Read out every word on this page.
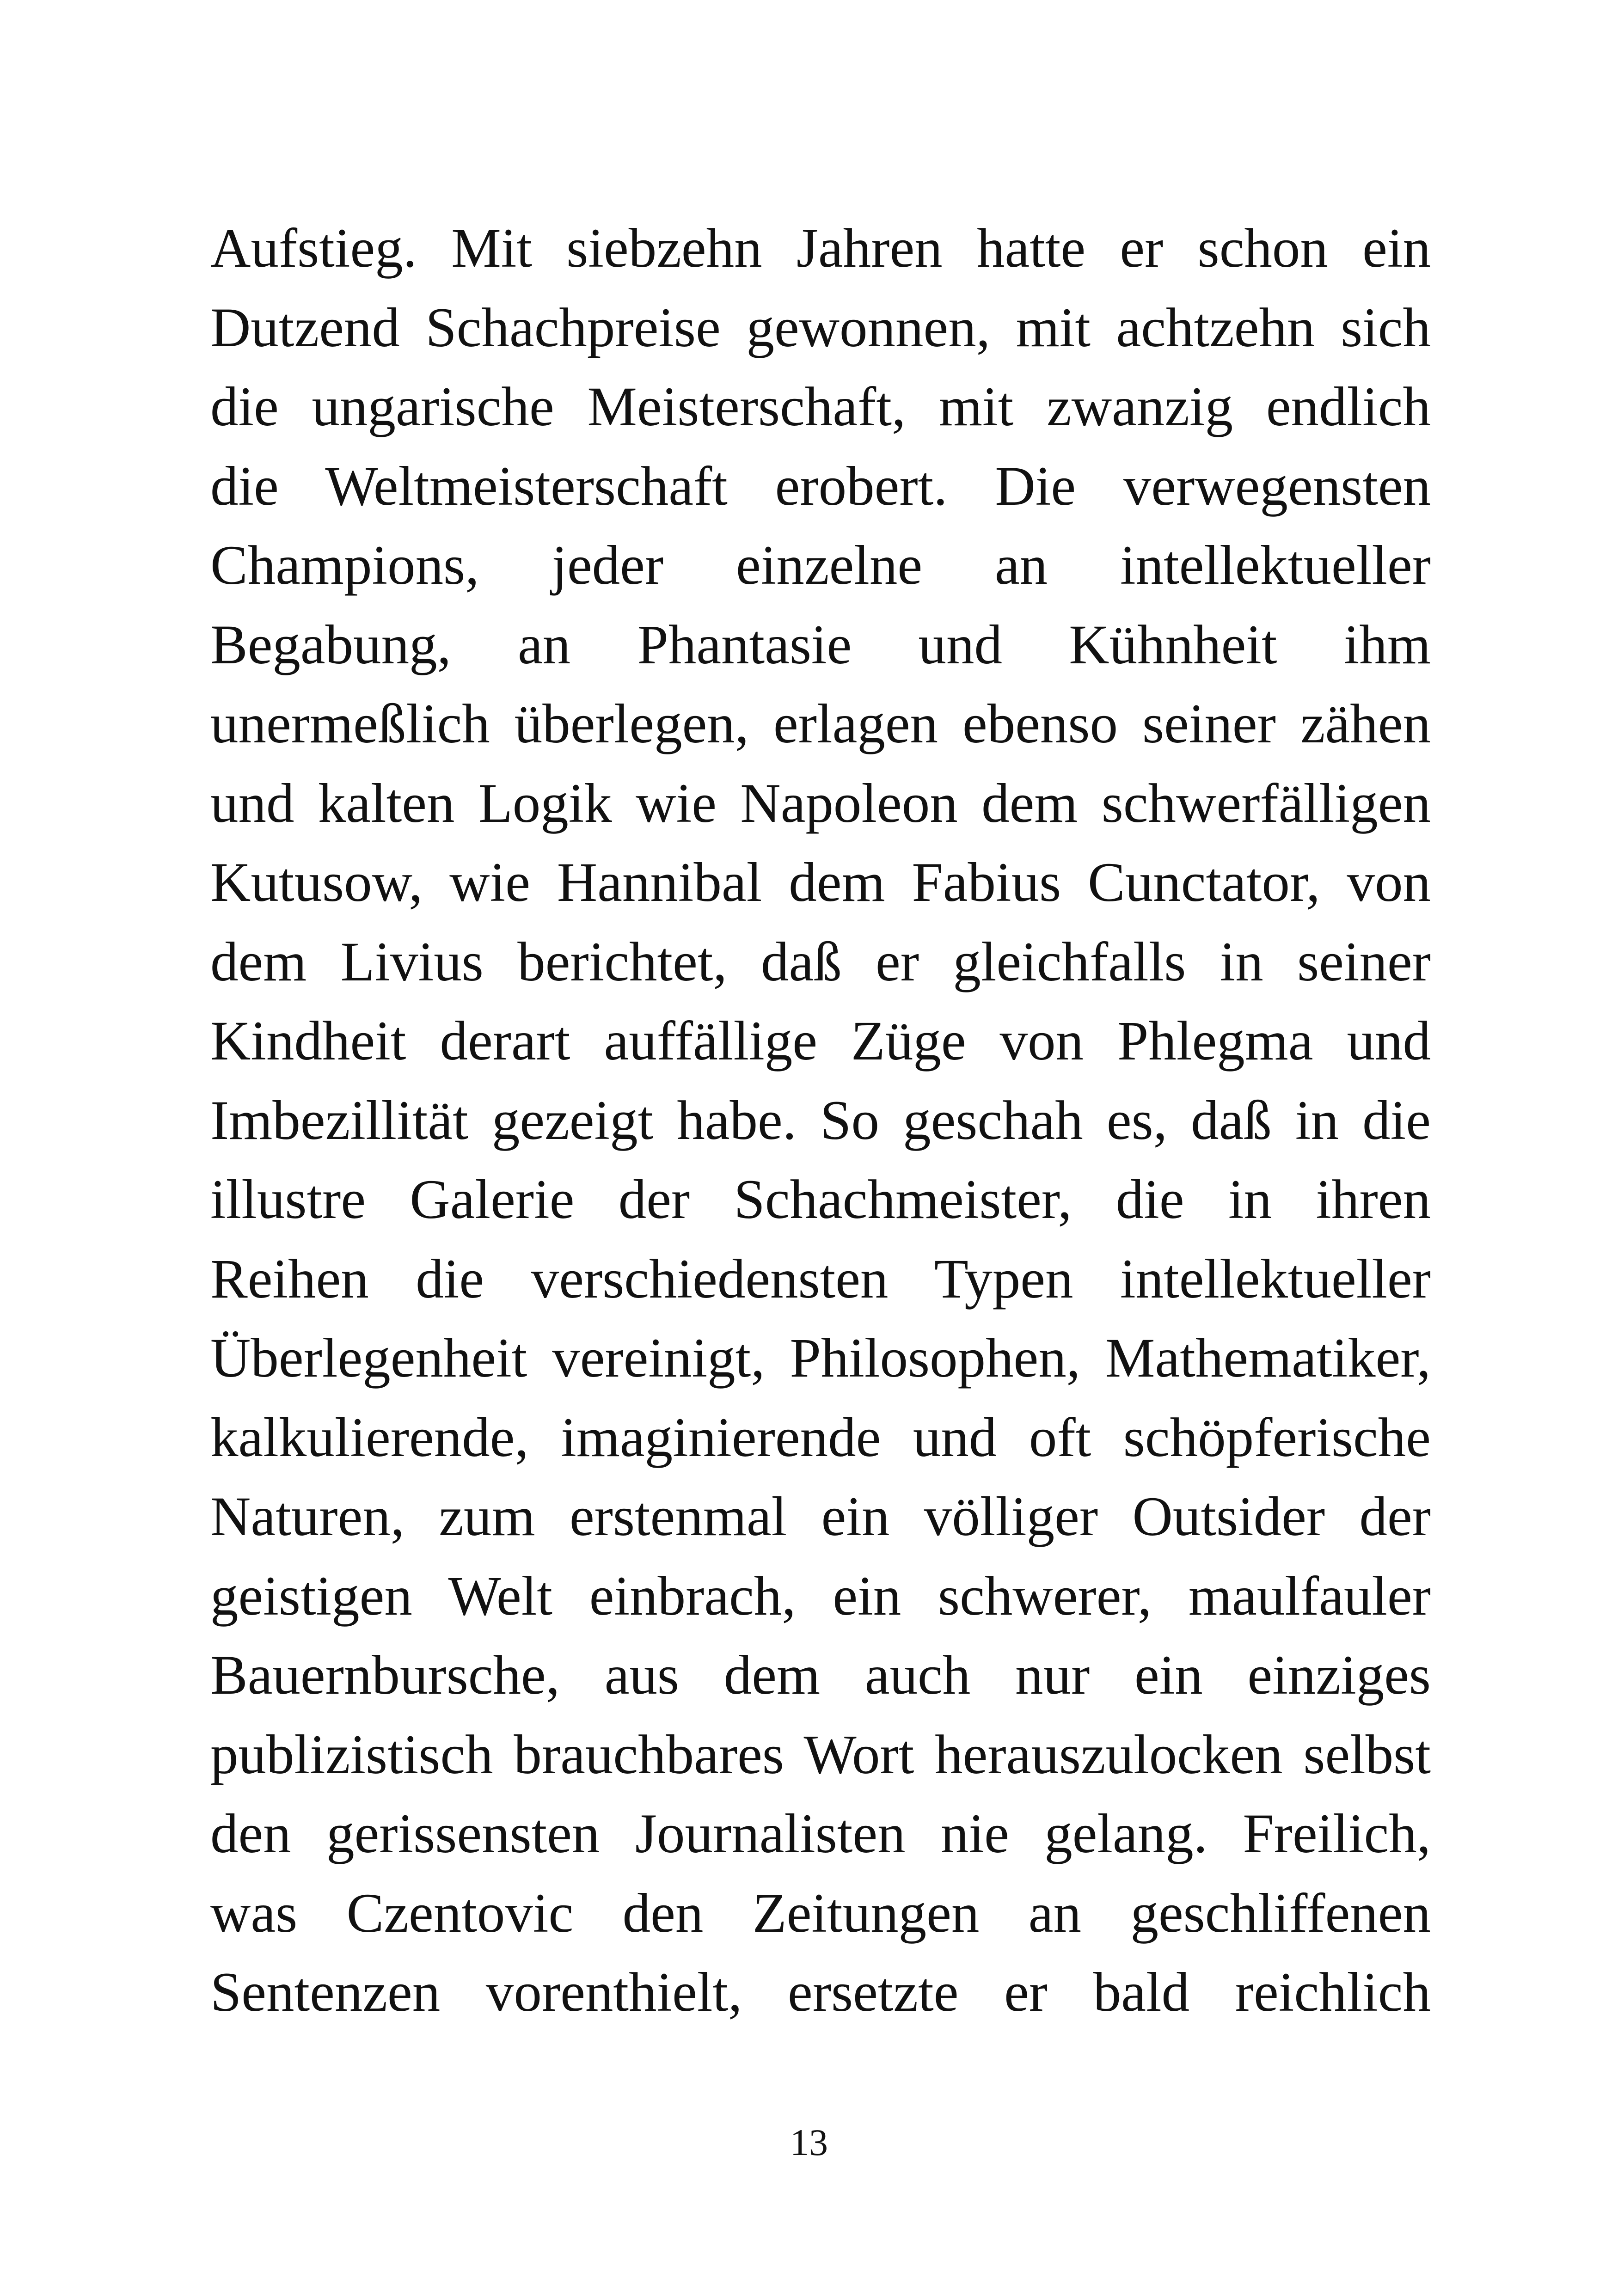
Aufstieg. Mit siebzehn Jahren hatte er schon ein
Dutzend Schachpreise gewonnen, mit achtzehn sich
die ungarische Meisterschaft, mit zwanzig endlich
die Weltmeisterschaft erobert. Die verwegensten
Champions, jeder einzelne an intellektueller
Begabung, an Phantasie und Kühnheit ihm
unermeßlich überlegen, erlagen ebenso seiner zähen
und kalten Logik wie Napoleon dem schwerfälligen
Kutusow, wie Hannibal dem Fabius Cunctator, von
dem Livius berichtet, daß er gleichfalls in seiner
Kindheit derart auffällige Züge von Phlegma und
Imbezillität gezeigt habe. So geschah es, daß in die
illustre Galerie der Schachmeister, die in ihren
Reihen die verschiedensten Typen intellektueller
Überlegenheit vereinigt, Philosophen, Mathematiker,
kalkulierende, imaginierende und oft schöpferische
Naturen, zum erstenmal ein völliger Outsider der
geistigen Welt einbrach, ein schwerer, maulfauler
Bauernbursche, aus dem auch nur ein einziges
publizistisch brauchbares Wort herauszulocken selbst
den gerissensten Journalisten nie gelang. Freilich,
was Czentovic den Zeitungen an geschliffenen
Sentenzen vorenthielt, ersetzte er bald reichlich
13
